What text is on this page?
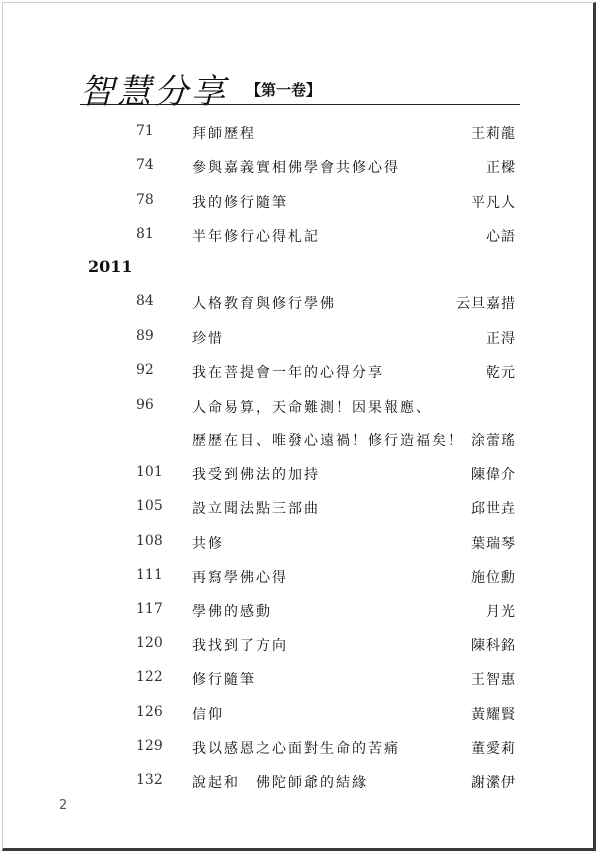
智慧分享 【第一卷】
71	拜師歷程	王莉龍
74	參與嘉義實相佛學會共修心得	正樑
78	我的修行隨筆	平凡人
81	半年修行心得札記	心語
2011
84	人格教育與修行學佛	云旦嘉措
89	珍惜	正淂
92	我在菩提會一年的心得分享	乾元
96	人命易算，天命難測！因果報應、
歷歷在目、唯發心遠禍！修行造福矣！ 涂蕾瑤
101	我受到佛法的加持	陳偉介
105	設立聞法點三部曲	邱世垚
108	共修	葉瑞琴
111	再寫學佛心得	施位勳
117	學佛的感動	月光
120	我找到了方向	陳科銘
122	修行隨筆	王智惠
126	信仰	黃耀賢
129	我以感恩之心面對生命的苦痛	董愛莉
132	說起和　佛陀師爺的結緣	謝瀠伊
2
